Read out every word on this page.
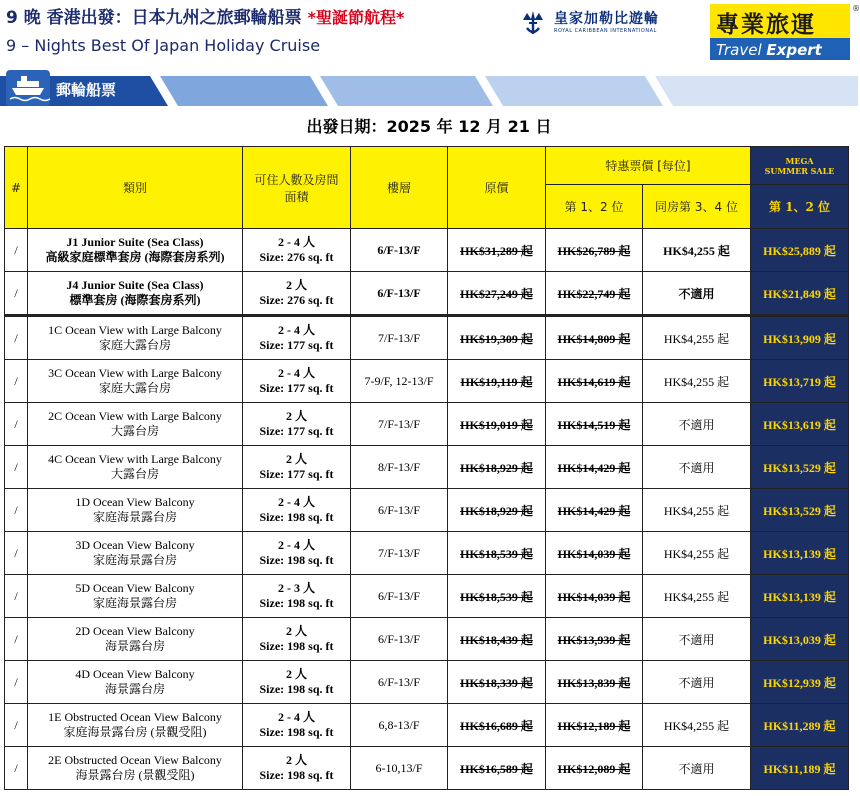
9 晚 香港出發：日本九州之旅郵輪船票 *聖誕節航程*
9 – Nights Best Of Japan Holiday Cruise
皇家加勒比遊輪
ROYAL CARIBBEAN INTERNATIONAL	專業旅運
Travel Expert
®
郵輪船票
出發日期：2025 年 12 月 21 日
#	類別	可住人數及房間面積	樓層	原價	特惠票價 [每位]		MEGA SUMMER SALE
					第 1、2 位	同房第 3、4 位	第 1、2 位
/	J1 Junior Suite (Sea Class)
高級家庭標準套房 (海際套房系列)	2 - 4 人
Size: 276 sq. ft	6/F-13/F	HK$31,289 起	HK$26,789 起	HK$4,255 起	HK$25,889 起
/	J4 Junior Suite (Sea Class)
標準套房 (海際套房系列)	2 人
Size: 276 sq. ft	6/F-13/F	HK$27,249 起	HK$22,749 起	不適用	HK$21,849 起
/	1C Ocean View with Large Balcony
家庭大露台房	2 - 4 人
Size: 177 sq. ft	7/F-13/F	HK$19,309 起	HK$14,809 起	HK$4,255 起	HK$13,909 起
/	3C Ocean View with Large Balcony
家庭大露台房	2 - 4 人
Size: 177 sq. ft	7-9/F, 12-13/F	HK$19,119 起	HK$14,619 起	HK$4,255 起	HK$13,719 起
/	2C Ocean View with Large Balcony
大露台房	2 人
Size: 177 sq. ft	7/F-13/F	HK$19,019 起	HK$14,519 起	不適用	HK$13,619 起
/	4C Ocean View with Large Balcony
大露台房	2 人
Size: 177 sq. ft	8/F-13/F	HK$18,929 起	HK$14,429 起	不適用	HK$13,529 起
/	1D Ocean View Balcony
家庭海景露台房	2 - 4 人
Size: 198 sq. ft	6/F-13/F	HK$18,929 起	HK$14,429 起	HK$4,255 起	HK$13,529 起
/	3D Ocean View Balcony
家庭海景露台房	2 - 4 人
Size: 198 sq. ft	7/F-13/F	HK$18,539 起	HK$14,039 起	HK$4,255 起	HK$13,139 起
/	5D Ocean View Balcony
家庭海景露台房	2 - 3 人
Size: 198 sq. ft	6/F-13/F	HK$18,539 起	HK$14,039 起	HK$4,255 起	HK$13,139 起
/	2D Ocean View Balcony
海景露台房	2 人
Size: 198 sq. ft	6/F-13/F	HK$18,439 起	HK$13,939 起	不適用	HK$13,039 起
/	4D Ocean View Balcony
海景露台房	2 人
Size: 198 sq. ft	6/F-13/F	HK$18,339 起	HK$13,839 起	不適用	HK$12,939 起
/	1E Obstructed Ocean View Balcony
家庭海景露台房 (景觀受阻)	2 - 4 人
Size: 198 sq. ft	6,8-13/F	HK$16,689 起	HK$12,189 起	HK$4,255 起	HK$11,289 起
/	2E Obstructed Ocean View Balcony
海景露台房 (景觀受阻)	2 人
Size: 198 sq. ft	6-10,13/F	HK$16,589 起	HK$12,089 起	不適用	HK$11,189 起
